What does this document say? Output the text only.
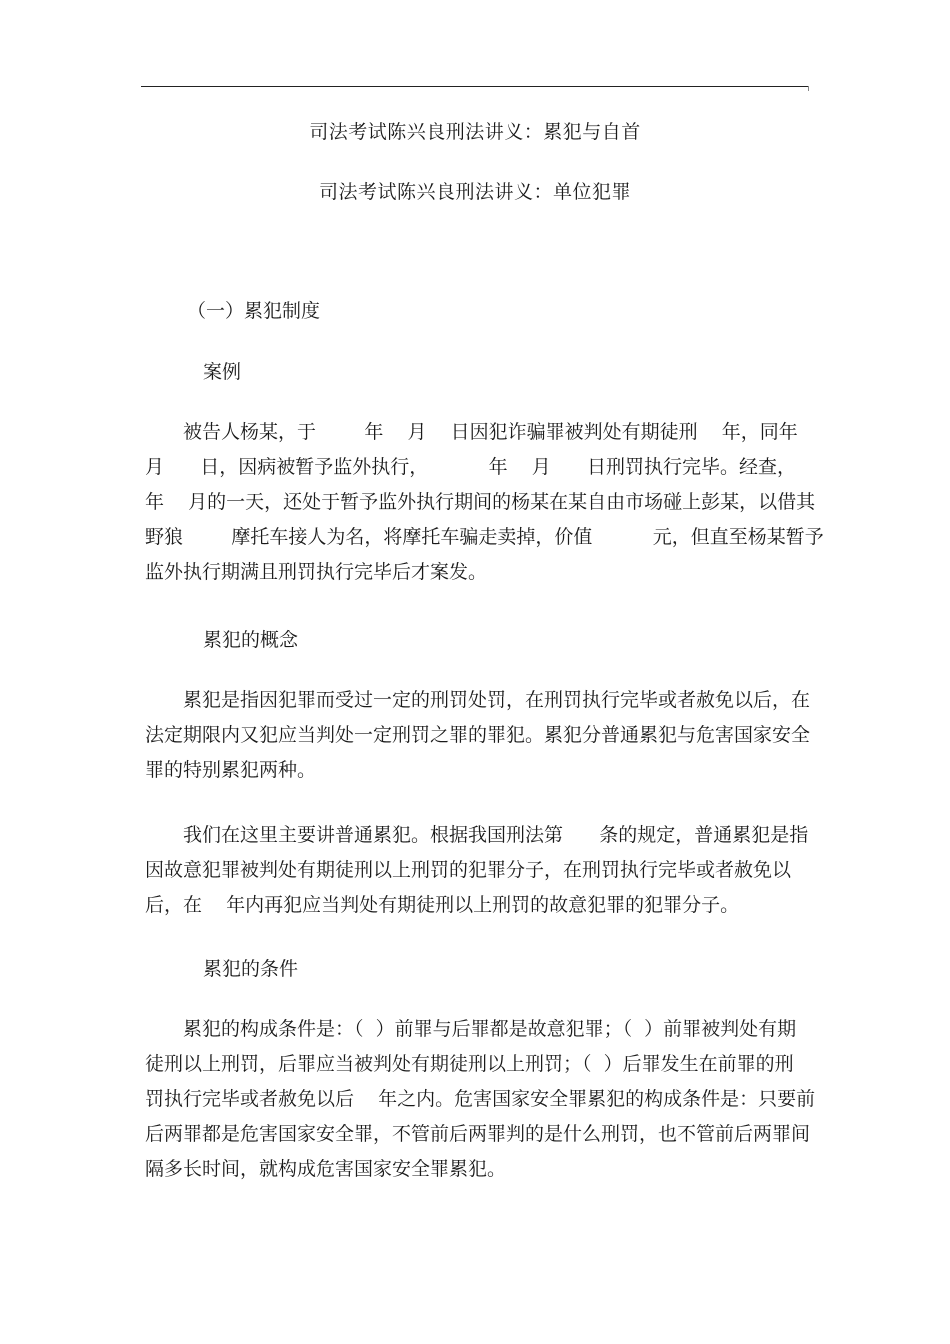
司法考试陈兴良刑法讲义：累犯与自首
司法考试陈兴良刑法讲义：单位犯罪
（一）累犯制度
案例
被告人杨某，于        年    月    日因犯诈骗罪被判处有期徒刑    年，同年
月      日，因病被暂予监外执行，          年    月      日刑罚执行完毕。经查，
年    月的一天，还处于暂予监外执行期间的杨某在某自由市场碰上彭某，以借其
野狼        摩托车接人为名，将摩托车骗走卖掉，价值          元，但直至杨某暂予
监外执行期满且刑罚执行完毕后才案发。
累犯的概念
累犯是指因犯罪而受过一定的刑罚处罚，在刑罚执行完毕或者赦免以后，在
法定期限内又犯应当判处一定刑罚之罪的罪犯。累犯分普通累犯与危害国家安全
罪的特别累犯两种。
我们在这里主要讲普通累犯。根据我国刑法第      条的规定，普通累犯是指
因故意犯罪被判处有期徒刑以上刑罚的犯罪分子，在刑罚执行完毕或者赦免以
后，在    年内再犯应当判处有期徒刑以上刑罚的故意犯罪的犯罪分子。
累犯的条件
累犯的构成条件是：（  ）前罪与后罪都是故意犯罪；（  ）前罪被判处有期
徒刑以上刑罚，后罪应当被判处有期徒刑以上刑罚；（  ）后罪发生在前罪的刑
罚执行完毕或者赦免以后    年之内。危害国家安全罪累犯的构成条件是：只要前
后两罪都是危害国家安全罪，不管前后两罪判的是什么刑罚，也不管前后两罪间
隔多长时间，就构成危害国家安全罪累犯。
